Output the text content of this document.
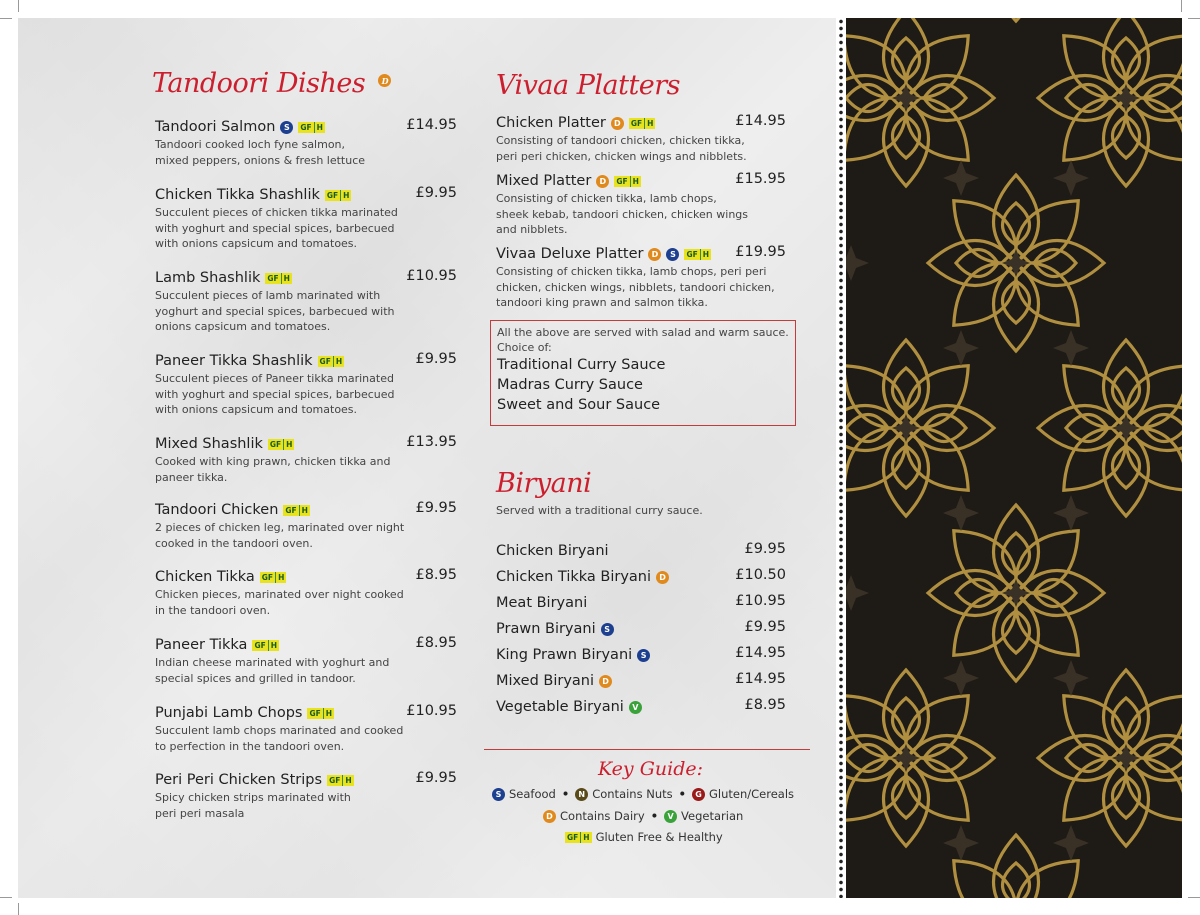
Tandoori Dishes D
Tandoori Salmon	S	GF H	£14.95
Tandoori cooked loch fyne salmon,
mixed peppers, onions & fresh lettuce
Chicken Tikka Shashlik GF H	£9.95
Succulent pieces of chicken tikka marinated
with yoghurt and special spices, barbecued
with onions capsicum and tomatoes.
Lamb Shashlik GF H	£10.95
Succulent pieces of lamb marinated with
yoghurt and special spices, barbecued with
onions capsicum and tomatoes.
Paneer Tikka Shashlik GF H	£9.95
Succulent pieces of Paneer tikka marinated
with yoghurt and special spices, barbecued
with onions capsicum and tomatoes.
Mixed Shashlik GF H	£13.95
Cooked with king prawn, chicken tikka and
paneer tikka.
Tandoori Chicken GF H	£9.95
2 pieces of chicken leg, marinated over night
cooked in the tandoori oven.
Chicken Tikka GF H	£8.95
Chicken pieces, marinated over night cooked
in the tandoori oven.
Paneer Tikka GF H	£8.95
Indian cheese marinated with yoghurt and
special spices and grilled in tandoor.
Punjabi Lamb Chops GF H	£10.95
Succulent lamb chops marinated and cooked
to perfection in the tandoori oven.
Peri Peri Chicken Strips GF H	£9.95
Spicy chicken strips marinated with
peri peri masala
Vivaa Platters
Chicken Platter	D	GF H	£14.95
Consisting of tandoori chicken, chicken tikka,
peri peri chicken, chicken wings and nibblets.
Mixed Platter	D	GF H	£15.95
Consisting of chicken tikka, lamb chops,
sheek kebab, tandoori chicken, chicken wings
and nibblets.
Vivaa Deluxe Platter	D	S	GF H £19.95
Consisting of chicken tikka, lamb chops, peri peri
chicken, chicken wings, nibblets, tandoori chicken,
tandoori king prawn and salmon tikka.
All the above are served with salad and warm sauce.
Choice of:
Traditional Curry Sauce
Madras Curry Sauce
Sweet and Sour Sauce
Biryani
Served with a traditional curry sauce.
Chicken Biryani	£9.95
Chicken Tikka Biryani	D	£10.50
Meat Biryani	£10.95
Prawn Biryani	S	£9.95
King Prawn Biryani	S	£14.95
Mixed Biryani	D	£14.95
Vegetable Biryani	V	£8.95
Key Guide:
S Seafood •	N Contains Nuts •	G Gluten/Cereals
D Contains Dairy •	V Vegetarian
GF H Gluten Free & Healthy
